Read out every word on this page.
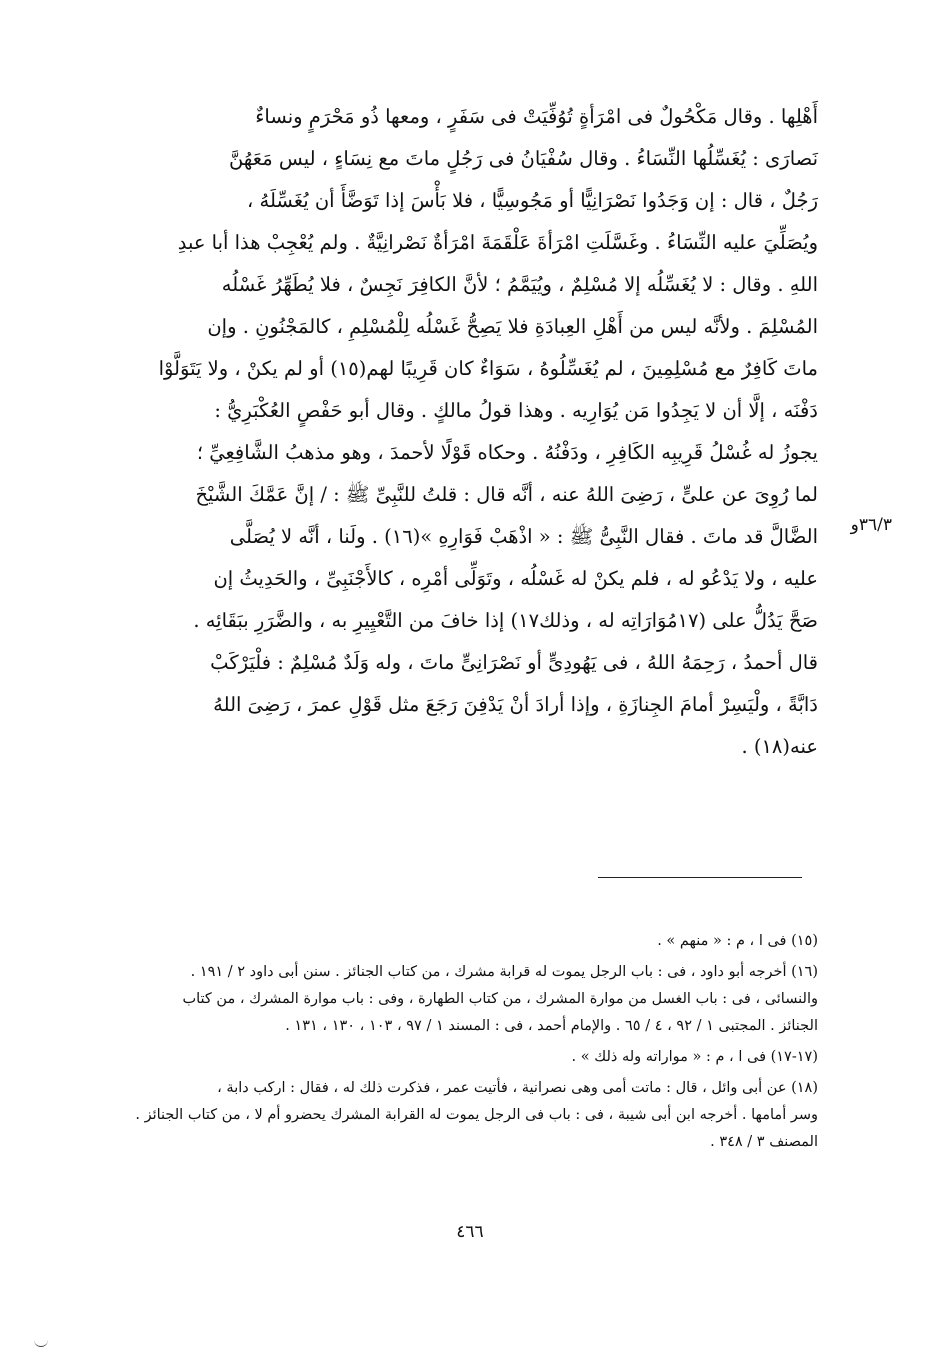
أَهْلِها . وقال مَكْحُولٌ فى امْرَأةٍ تُوُفِّيَتْ فى سَفَرٍ ، ومعها ذُو مَحْرَمٍ ونساءٌ
نَصارَى : يُغَسِّلُها النِّسَاءُ . وقال سُفْيَانُ فى رَجُلٍ ماتَ مع نِسَاءٍ ، ليس مَعَهُنَّ
رَجُلٌ ، قال : إن وَجَدُوا نَصْرَانِيًّا أو مَجُوسِيًّا ، فلا بَأْسَ إذا تَوَضَّأَ أن يُغَسِّلَهُ ،
ويُصَلِّيَ عليه النِّسَاءُ . وغَسَّلَتِ امْرَأةَ عَلْقَمَةَ امْرَأةٌ نَصْرانِيَّةٌ . ولم يُعْجِبْ هذا أبا عبدِ
اللهِ . وقال : لا يُغَسِّلُه إلا مُسْلِمٌ ، ويُيَمَّمُ ؛ لأنَّ الكافِرَ نَجِسٌ ، فلا يُطَهِّرُ غَسْلُه
المُسْلِمَ . ولأنَّه ليس من أَهْلِ العِبادَةِ فلا يَصِحُّ غَسْلُه لِلْمُسْلِمِ ، كالمَجْنُونِ . وإن
ماتَ كَافِرٌ مع مُسْلِمِينَ ، لم يُغَسِّلُوهُ ، سَوَاءٌ كان قَرِيبًا لهم(١٥) أو لم يكنْ ، ولا يَتَوَلَّوْا
دَفْنَه ، إلَّا أن لا يَجِدُوا مَن يُوَارِيه . وهذا قولُ مالكٍ . وقال أبو حَفْصٍ العُكْبَرِيُّ :
يجوزُ له غُسْلُ قَرِيبِه الكَافِرِ ، ودَفْنُهُ . وحكاه قَوْلًا لأحمدَ ، وهو مذهبُ الشَّافِعِيِّ ؛
لما رُوِىَ عن علىٍّ ، رَضِىَ اللهُ عنه ، أنَّه قال : قلتُ للنَّبِىِّ ﷺ : / إنَّ عَمَّكَ الشَّيْخَ
الضَّالَّ قد ماتَ . فقال النَّبِىُّ ﷺ : « اذْهَبْ فَوَارِهِ »(١٦) . ولَنا ، أنَّه لا يُصَلَّى
عليه ، ولا يَدْعُو له ، فلم يكنْ له غَسْلُه ، وتَوَلِّى أمْرِه ، كالأَجْنَبِىِّ ، والحَدِيثُ إن
صَحَّ يَدُلُّ على (١٧مُوَارَاتِه له ، وذلك١٧) إذا خافَ من التَّعْيِيرِ به ، والضَّرَرِ ببَقَائِه .
قال أحمدُ ، رَحِمَهُ اللهُ ، فى يَهُودِىٍّ أو نَصْرَانِىٍّ ماتَ ، وله وَلَدٌ مُسْلِمٌ : فلْيَرْكَبْ
دَابَّةً ، ولْيَسِرْ أمامَ الجِنازَةِ ، وإذا أرادَ أنْ يَدْفِنَ رَجَعَ مثل قَوْلِ عمرَ ، رَضِىَ اللهُ
عنه(١٨) .
٣٦/٣و
(١٥) فى ا ، م : « منهم » .
(١٦) أخرجه أبو داود ، فى : باب الرجل يموت له قرابة مشرك ، من كتاب الجنائز . سنن أبى داود ٢ / ١٩١ .
والنسائى ، فى : باب الغسل من موارة المشرك ، من كتاب الطهارة ، وفى : باب موارة المشرك ، من كتاب
الجنائز . المجتبى ١ / ٩٢ ، ٤ / ٦٥ . والإمام أحمد ، فى : المسند ١ / ٩٧ ، ١٠٣ ، ١٣٠ ، ١٣١ .
(١٧-١٧) فى ا ، م : « مواراته وله ذلك » .
(١٨) عن أبى وائل ، قال : ماتت أمى وهى نصرانية ، فأتيت عمر ، فذكرت ذلك له ، فقال : اركب دابة ،
وسر أمامها . أخرجه ابن أبى شيبة ، فى : باب فى الرجل يموت له القرابة المشرك يحضرو أم لا ، من كتاب الجنائز .
المصنف ٣ / ٣٤٨ .
٤٦٦
